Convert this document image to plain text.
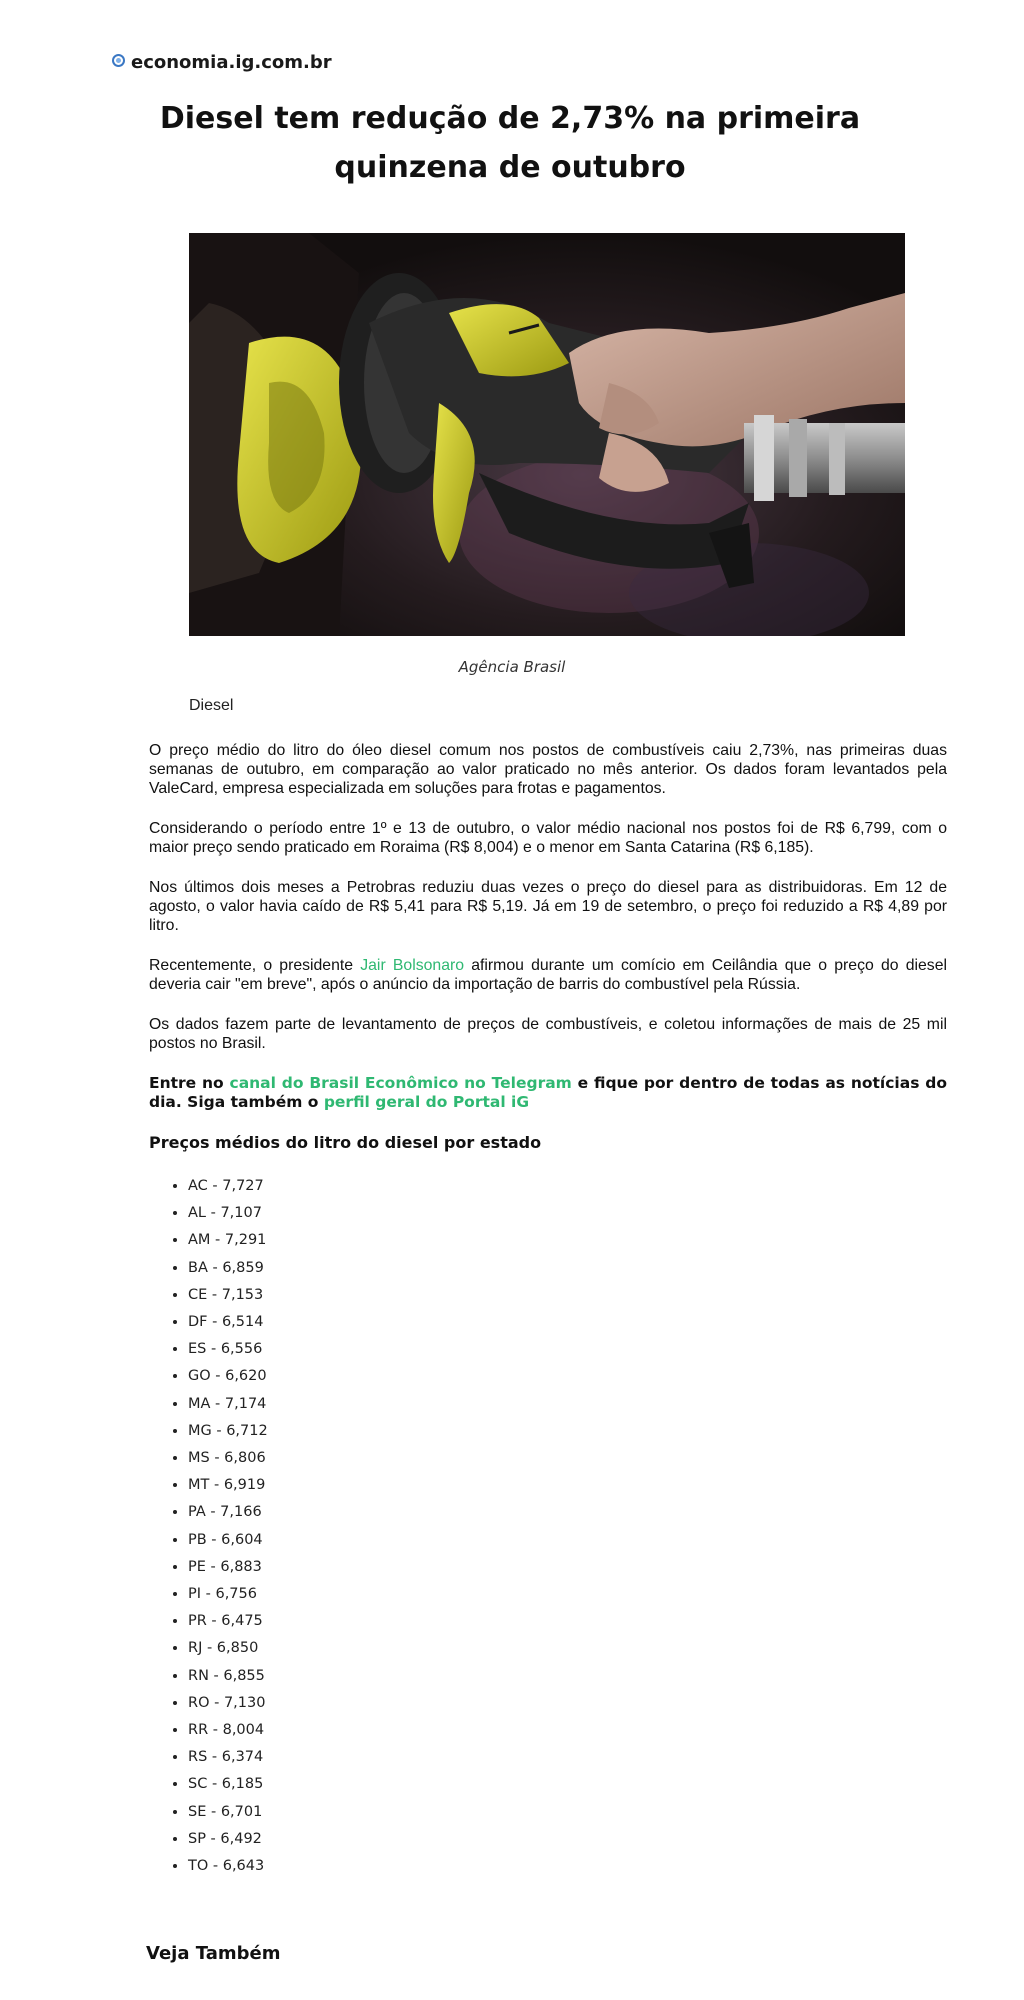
economia.ig.com.br
Diesel tem redução de 2,73% na primeira quinzena de outubro
Agência Brasil
Diesel

O preço médio do litro do óleo diesel comum nos postos de combustíveis caiu 2,73%, nas primeiras duas semanas de outubro, em comparação ao valor praticado no mês anterior. Os dados foram levantados pela ValeCard, empresa especializada em soluções para frotas e pagamentos.

Considerando o período entre 1º e 13 de outubro, o valor médio nacional nos postos foi de R$ 6,799, com o maior preço sendo praticado em Roraima (R$ 8,004) e o menor em Santa Catarina (R$ 6,185).

Nos últimos dois meses a Petrobras reduziu duas vezes o preço do diesel para as distribuidoras. Em 12 de agosto, o valor havia caído de R$ 5,41 para R$ 5,19. Já em 19 de setembro, o preço foi reduzido a R$ 4,89 por litro.

Recentemente, o presidente Jair Bolsonaro afirmou durante um comício em Ceilândia que o preço do diesel deveria cair "em breve", após o anúncio da importação de barris do combustível pela Rússia.

Os dados fazem parte de levantamento de preços de combustíveis, e coletou informações de mais de 25 mil postos no Brasil.

Entre no canal do Brasil Econômico no Telegram e fique por dentro de todas as notícias do dia. Siga também o perfil geral do Portal iG

Preços médios do litro do diesel por estado

• AC - 7,727
• AL - 7,107
• AM - 7,291
• BA - 6,859
• CE - 7,153
• DF - 6,514
• ES - 6,556
• GO - 6,620
• MA - 7,174
• MG - 6,712
• MS - 6,806
• MT - 6,919
• PA - 7,166
• PB - 6,604
• PE - 6,883
• PI - 6,756
• PR - 6,475
• RJ - 6,850
• RN - 6,855
• RO - 7,130
• RR - 8,004
• RS - 6,374
• SC - 6,185
• SE - 6,701
• SP - 6,492
• TO - 6,643
Veja Também
